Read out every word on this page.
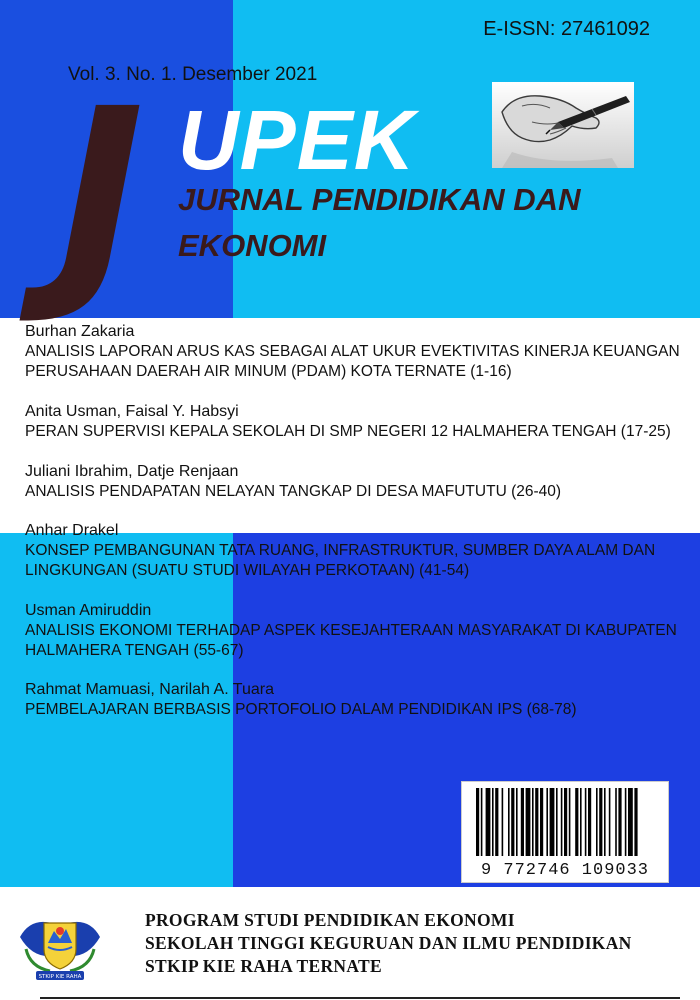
E-ISSN: 27461092
Vol. 3. No. 1. Desember 2021
J UPEK
JURNAL PENDIDIKAN DAN
EKONOMI
Burhan Zakaria
ANALISIS LAPORAN ARUS KAS SEBAGAI ALAT UKUR EVEKTIVITAS KINERJA KEUANGAN
PERUSAHAAN DAERAH AIR MINUM (PDAM) KOTA TERNATE (1-16)
Anita Usman, Faisal Y. Habsyi
PERAN SUPERVISI KEPALA SEKOLAH DI SMP NEGERI 12 HALMAHERA TENGAH (17-25)
Juliani Ibrahim, Datje Renjaan
ANALISIS PENDAPATAN NELAYAN TANGKAP DI DESA MAFUTUTU (26-40)
Anhar Drakel
KONSEP PEMBANGUNAN TATA RUANG, INFRASTRUKTUR, SUMBER DAYA ALAM DAN
LINGKUNGAN (SUATU STUDI WILAYAH PERKOTAAN) (41-54)
Usman Amiruddin
ANALISIS EKONOMI TERHADAP ASPEK KESEJAHTERAAN MASYARAKAT DI KABUPATEN
HALMAHERA TENGAH (55-67)
Rahmat Mamuasi, Narilah A. Tuara
PEMBELAJARAN BERBASIS PORTOFOLIO DALAM PENDIDIKAN IPS (68-78)
9 772746 109033
STKIP KIE RAHA
PROGRAM STUDI PENDIDIKAN EKONOMI
SEKOLAH TINGGI KEGURUAN DAN ILMU PENDIDIKAN
STKIP KIE RAHA TERNATE
